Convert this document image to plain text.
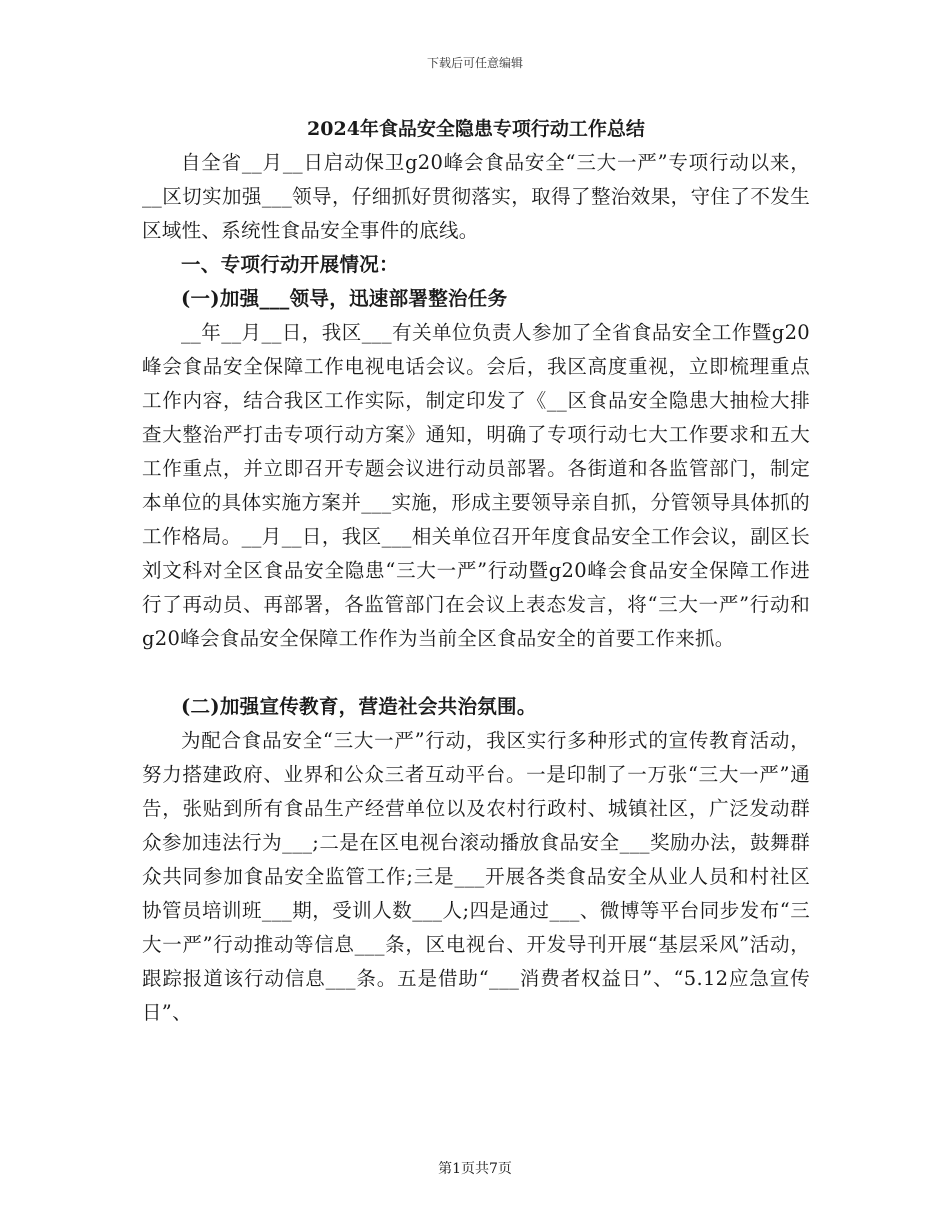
下载后可任意编辑
2024年食品安全隐患专项行动工作总结

自全省__月__日启动保卫g20峰会食品安全“三大一严”专项行动以来，__区切实加强___领导，仔细抓好贯彻落实，取得了整治效果，守住了不发生区域性、系统性食品安全事件的底线。

一、专项行动开展情况：

(一)加强___领导，迅速部署整治任务

__年__月__日，我区___有关单位负责人参加了全省食品安全工作暨g20峰会食品安全保障工作电视电话会议。会后，我区高度重视，立即梳理重点工作内容，结合我区工作实际，制定印发了《__区食品安全隐患大抽检大排查大整治严打击专项行动方案》通知，明确了专项行动七大工作要求和五大工作重点，并立即召开专题会议进行动员部署。各街道和各监管部门，制定本单位的具体实施方案并___实施，形成主要领导亲自抓，分管领导具体抓的工作格局。__月__日，我区___相关单位召开年度食品安全工作会议，副区长刘文科对全区食品安全隐患“三大一严”行动暨g20峰会食品安全保障工作进行了再动员、再部署，各监管部门在会议上表态发言，将“三大一严”行动和g20峰会食品安全保障工作作为当前全区食品安全的首要工作来抓。

(二)加强宣传教育，营造社会共治氛围。

为配合食品安全“三大一严”行动，我区实行多种形式的宣传教育活动，努力搭建政府、业界和公众三者互动平台。一是印制了一万张“三大一严”通告，张贴到所有食品生产经营单位以及农村行政村、城镇社区，广泛发动群众参加违法行为___;二是在区电视台滚动播放食品安全___奖励办法，鼓舞群众共同参加食品安全监管工作;三是___开展各类食品安全从业人员和村社区协管员培训班___期，受训人数___人;四是通过___、微博等平台同步发布“三大一严”行动推动等信息___条，区电视台、开发导刊开展“基层采风”活动，跟踪报道该行动信息___条。五是借助“___消费者权益日”、“5.12应急宣传日”、

第1页共7页
